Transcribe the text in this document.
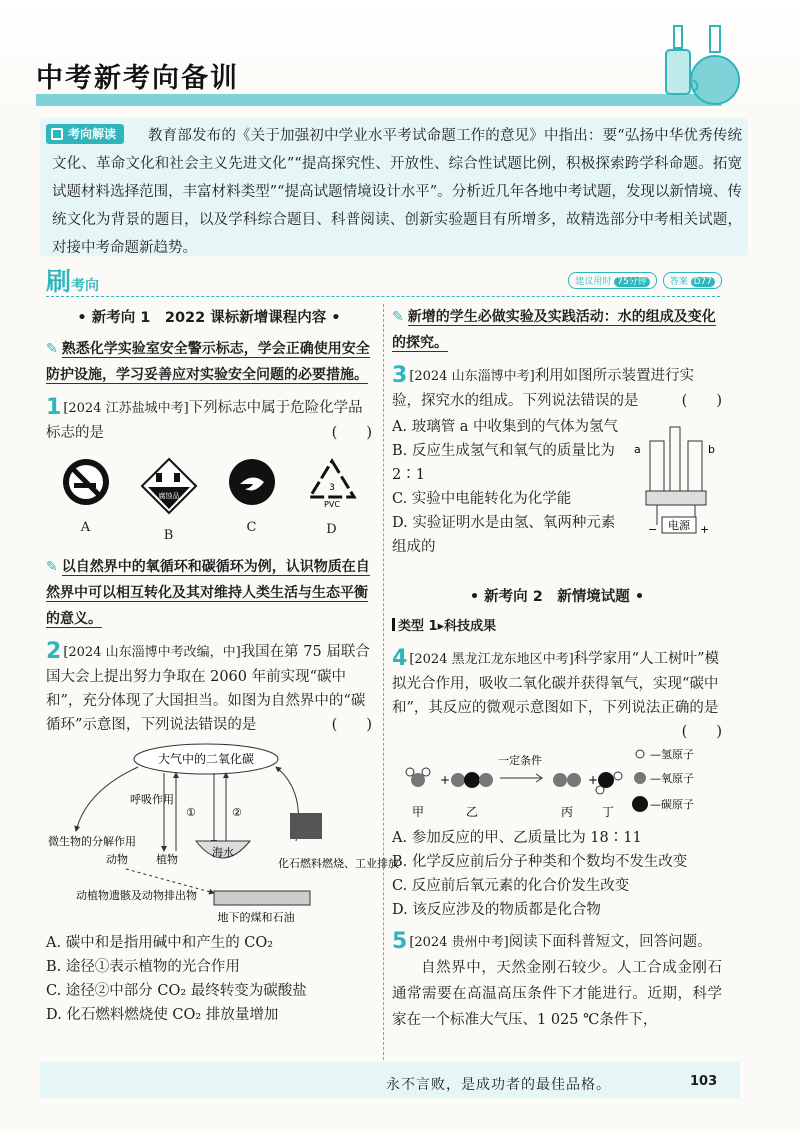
中考新考向备训
教育部发布的《关于加强初中学业水平考试命题工作的意见》中指出：要“弘扬中华优秀传统文化、革命文化和社会主义先进文化”“提高探究性、开放性、综合性试题比例，积极探索跨学科命题。拓宽试题材料选择范围，丰富材料类型”“提高试题情境设计水平”。分析近几年各地中考试题，发现以新情境、传统文化为背景的题目，以及学科综合题目、科普阅读、创新实验题目有所增多，故精选部分中考相关试题，对接中考命题新趋势。
考向解读
刷考向	建议用时 75分钟	答案 D77
• 新考向 1　2022 课标新增课程内容 •
✎ 熟悉化学实验室安全警示标志，学会正确使用安全防护设施，学习妥善应对实验安全问题的必要措施。
1 [2024 江苏盐城中考]下列标志中属于危险化学品标志的是	(　　)
A
腐蚀品
B
C
3
PVC
D
✎ 以自然界中的氧循环和碳循环为例，认识物质在自然界中可以相互转化及其对维持人类生活与生态平衡的意义。
2 [2024 山东淄博中考改编，中]我国在第 75 届联合国大会上提出努力争取在 2060 年前实现“碳中和”，充分体现了大国担当。如图为自然界中的“碳循环”示意图，下列说法错误的是	(　　)
大气中的二氧化碳
呼吸作用
①	②
海水
微生物的分解作用
动物	植物	化石燃料燃烧、工业排放
地下的煤和石油
动植物遗骸及动物排出物
A. 碳中和是指用碱中和产生的 CO₂
B. 途径①表示植物的光合作用
C. 途径②中部分 CO₂ 最终转变为碳酸盐
D. 化石燃料燃烧使 CO₂ 排放量增加
✎ 新增的学生必做实验及实践活动：水的组成及变化的探究。
3 [2024 山东淄博中考]利用如图所示装置进行实验，探究水的组成。下列说法错误的是	(　　)
A. 玻璃管 a 中收集到的气体为氢气
B. 反应生成氢气和氧气的质量比为 2∶1
C. 实验中电能转化为化学能
D. 实验证明水是由氢、氧两种元素组成的
a	b
电源
−	+
• 新考向 2　新情境试题 •
类型 1▸科技成果
4 [2024 黑龙江龙东地区中考]科学家用“人工树叶”模拟光合作用，吸收二氧化碳并获得氧气，实现“碳中和”，其反应的微观示意图如下，下列说法正确的是
(　　)
+
一定条件
+
甲	乙	丙 丁
—氢原子
—氧原子
—碳原子
A. 参加反应的甲、乙质量比为 18∶11
B. 化学反应前后分子种类和个数均不发生改变
C. 反应前后氧元素的化合价发生改变
D. 该反应涉及的物质都是化合物
5 [2024 贵州中考]阅读下面科普短文，回答问题。
自然界中，天然金刚石较少。人工合成金刚石通常需要在高温高压条件下才能进行。近期，科学家在一个标准大气压、1 025 ℃条件下，
永不言败，是成功者的最佳品格。	103
